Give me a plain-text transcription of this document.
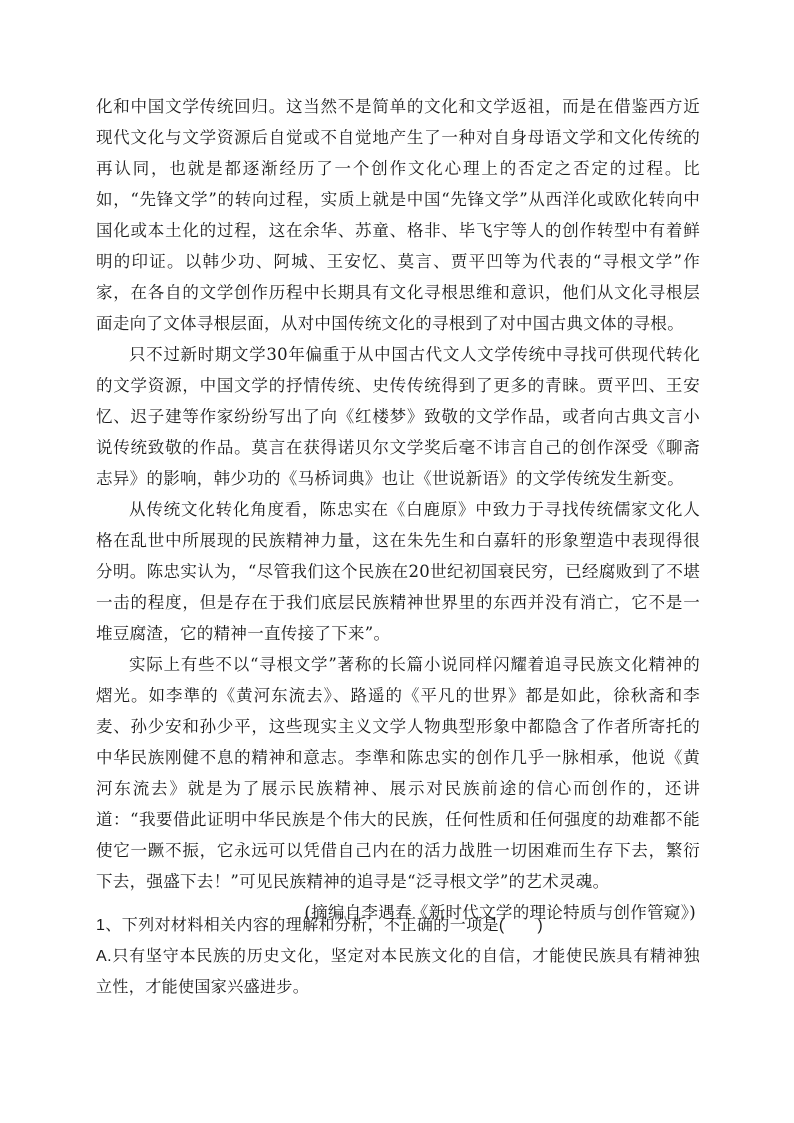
化和中国文学传统回归。这当然不是简单的文化和文学返祖，而是在借鉴西方近现代文化与文学资源后自觉或不自觉地产生了一种对自身母语文学和文化传统的再认同，也就是都逐渐经历了一个创作文化心理上的否定之否定的过程。比如，“先锋文学”的转向过程，实质上就是中国“先锋文学”从西洋化或欧化转向中国化或本土化的过程，这在余华、苏童、格非、毕飞宇等人的创作转型中有着鲜明的印证。以韩少功、阿城、王安忆、莫言、贾平凹等为代表的“寻根文学”作家，在各自的文学创作历程中长期具有文化寻根思维和意识，他们从文化寻根层面走向了文体寻根层面，从对中国传统文化的寻根到了对中国古典文体的寻根。

只不过新时期文学30年偏重于从中国古代文人文学传统中寻找可供现代转化的文学资源，中国文学的抒情传统、史传传统得到了更多的青睐。贾平凹、王安忆、迟子建等作家纷纷写出了向《红楼梦》致敬的文学作品，或者向古典文言小说传统致敬的作品。莫言在获得诺贝尔文学奖后毫不讳言自己的创作深受《聊斋志异》的影响，韩少功的《马桥词典》也让《世说新语》的文学传统发生新变。

从传统文化转化角度看，陈忠实在《白鹿原》中致力于寻找传统儒家文化人格在乱世中所展现的民族精神力量，这在朱先生和白嘉轩的形象塑造中表现得很分明。陈忠实认为，“尽管我们这个民族在20世纪初国衰民穷，已经腐败到了不堪一击的程度，但是存在于我们底层民族精神世界里的东西并没有消亡，它不是一堆豆腐渣，它的精神一直传接了下来”。

实际上有些不以“寻根文学”著称的长篇小说同样闪耀着追寻民族文化精神的熠光。如李準的《黄河东流去》、路遥的《平凡的世界》都是如此，徐秋斋和李麦、孙少安和孙少平，这些现实主义文学人物典型形象中都隐含了作者所寄托的中华民族刚健不息的精神和意志。李準和陈忠实的创作几乎一脉相承，他说《黄河东流去》就是为了展示民族精神、展示对民族前途的信心而创作的，还讲道：“我要借此证明中华民族是个伟大的民族，任何性质和任何强度的劫难都不能使它一蹶不振，它永远可以凭借自己内在的活力战胜一切困难而生存下去，繁衍下去，强盛下去！”可见民族精神的追寻是“泛寻根文学”的艺术灵魂。

(摘编自李遇春《新时代文学的理论特质与创作管窥》)

1、下列对材料相关内容的理解和分析，不正确的一项是(　　)

A.只有坚守本民族的历史文化，坚定对本民族文化的自信，才能使民族具有精神独立性，才能使国家兴盛进步。
